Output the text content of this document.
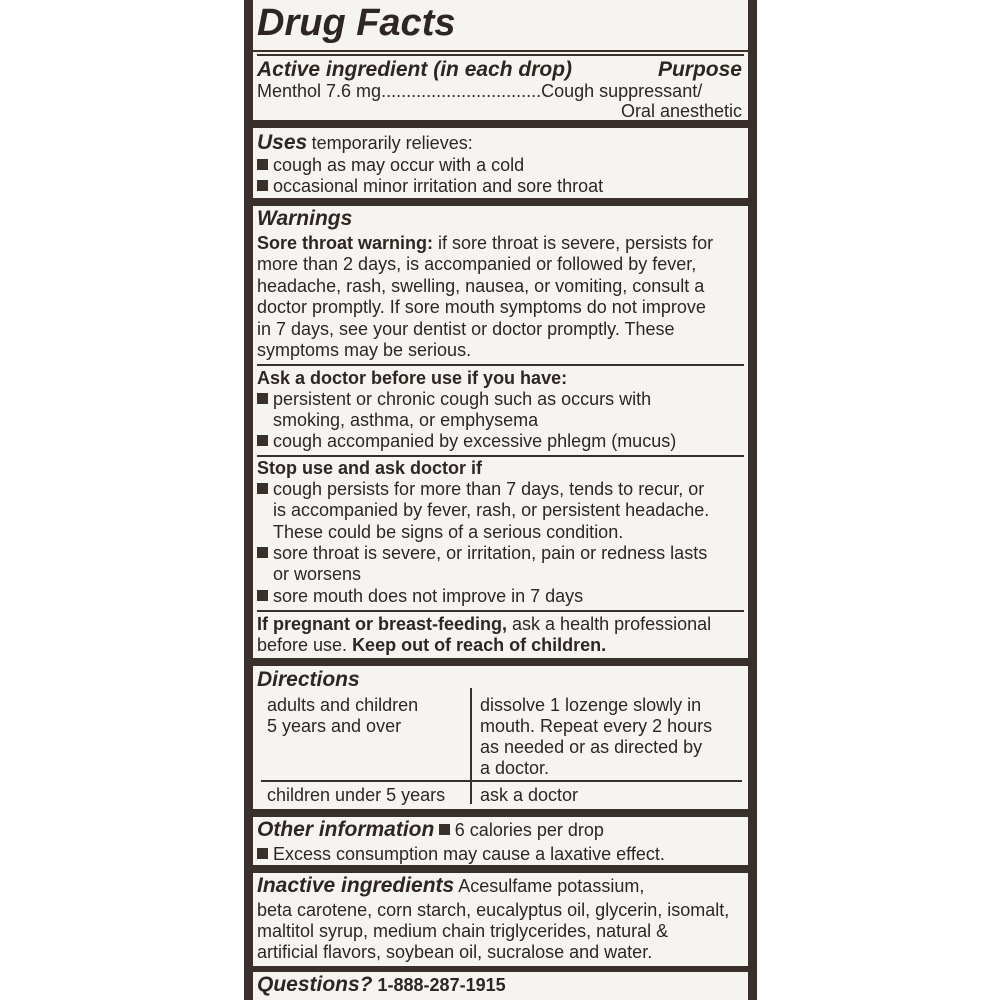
Drug Facts
Active ingredient (in each drop)	Purpose
Menthol 7.6 mg................................Cough suppressant/
Oral anesthetic
Uses temporarily relieves:
cough as may occur with a cold
occasional minor irritation and sore throat
Warnings
Sore throat warning: if sore throat is severe, persists for
more than 2 days, is accompanied or followed by fever,
headache, rash, swelling, nausea, or vomiting, consult a
doctor promptly. If sore mouth symptoms do not improve
in 7 days, see your dentist or doctor promptly. These
symptoms may be serious.
Ask a doctor before use if you have:
persistent or chronic cough such as occurs with
smoking, asthma, or emphysema
cough accompanied by excessive phlegm (mucus)
Stop use and ask doctor if
cough persists for more than 7 days, tends to recur, or
is accompanied by fever, rash, or persistent headache.
These could be signs of a serious condition.
sore throat is severe, or irritation, pain or redness lasts
or worsens
sore mouth does not improve in 7 days
If pregnant or breast-feeding, ask a health professional
before use. Keep out of reach of children.
Directions
adults and children
5 years and over
dissolve 1 lozenge slowly in
mouth. Repeat every 2 hours
as needed or as directed by
a doctor.
children under 5 years ask a doctor
Other information 6 calories per drop
Excess consumption may cause a laxative effect.
Inactive ingredients Acesulfame potassium,
beta carotene, corn starch, eucalyptus oil, glycerin, isomalt,
maltitol syrup, medium chain triglycerides, natural &
artificial flavors, soybean oil, sucralose and water.
Questions? 1-888-287-1915
